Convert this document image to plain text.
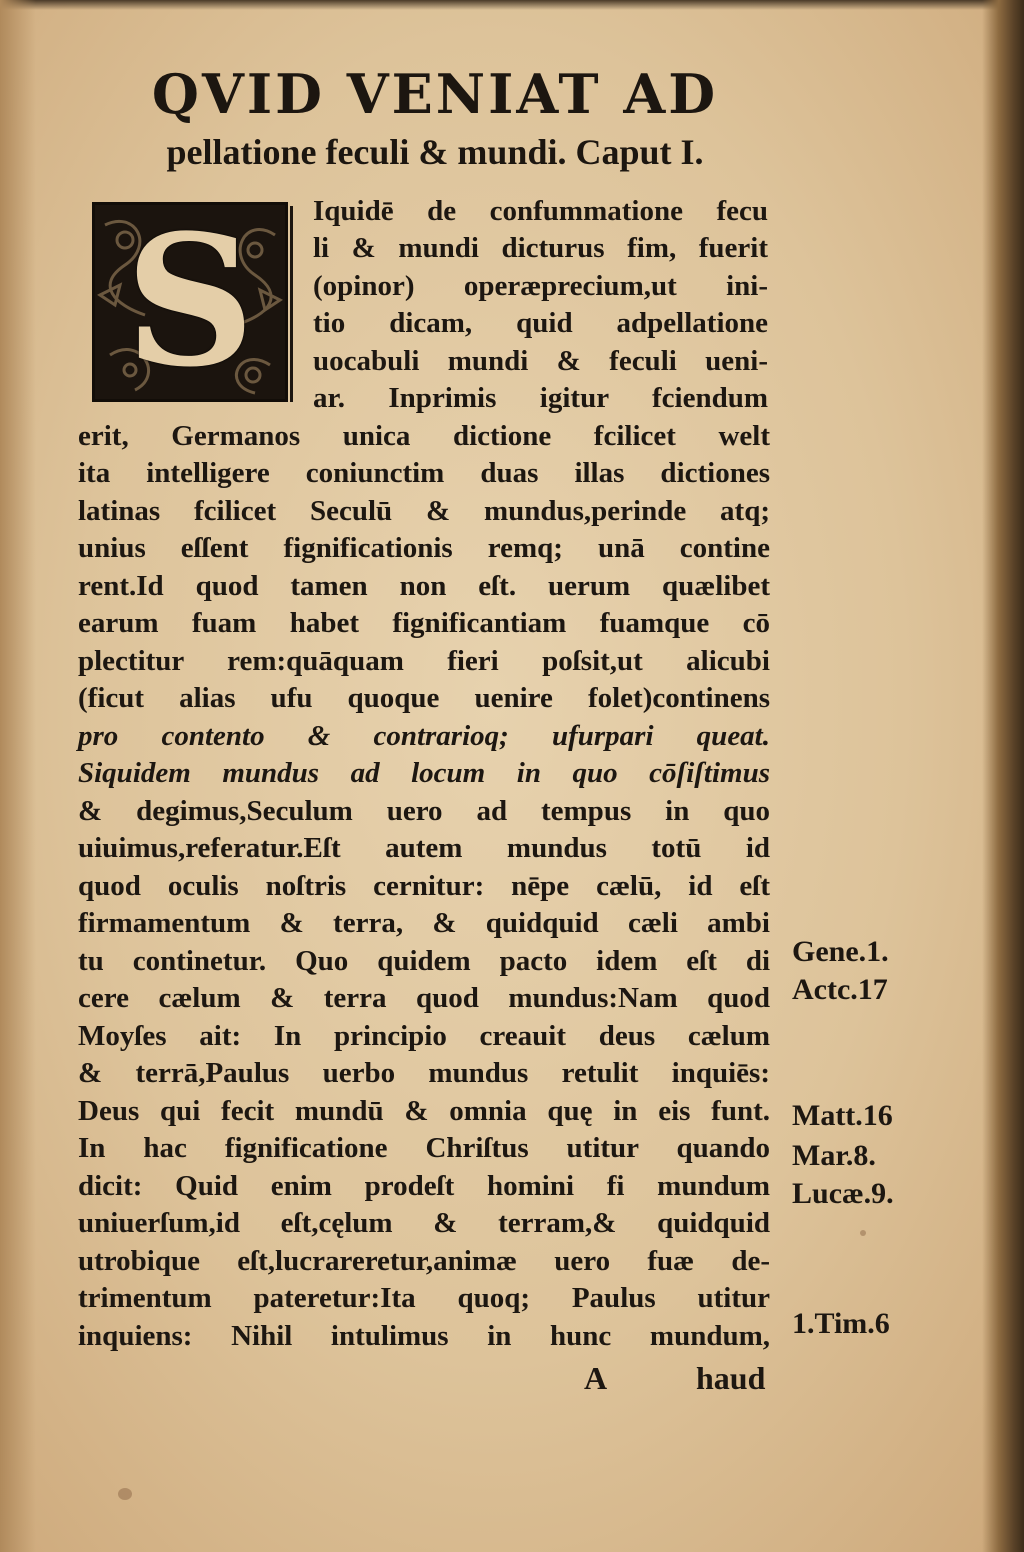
QVID VENIAT AD
pellatione feculi & mundi. Caput I.
S	Iquidē de confummatione fecu
li & mundi dicturus fim, fuerit
(opinor) operæprecium,ut ini-
tio dicam, quid adpellatione
uocabuli mundi & feculi ueni-
ar. Inprimis igitur fciendum
erit, Germanos unica dictione fcilicet welt
ita intelligere coniunctim duas illas dictiones
latinas fcilicet Seculū & mundus,perinde atq;
unius eſſent fignificationis remq; unā contine
rent.Id quod tamen non eſt. uerum quælibet
earum fuam habet fignificantiam fuamque cō
plectitur rem:quāquam fieri poſsit,ut alicubi
(ficut alias ufu quoque uenire folet)continens
pro contento & contrarioq; ufurpari queat.
Siquidem mundus ad locum in quo cōſiſtimus
& degimus,Seculum uero ad tempus in quo
uiuimus,referatur.Eſt autem mundus totū id
quod oculis noſtris cernitur: nēpe cælū, id eſt
firmamentum & terra, & quidquid cæli ambi
tu continetur. Quo quidem pacto idem eſt di
cere cælum & terra quod mundus:Nam quod
Moyſes ait: In principio creauit deus cælum
& terrā,Paulus uerbo mundus retulit inquiēs:
Deus qui fecit mundū & omnia quę in eis funt.
In hac fignificatione Chriſtus utitur quando
dicit: Quid enim prodeſt homini fi mundum
uniuerſum,id eſt,cęlum & terram,& quidquid
utrobique eſt,lucrareretur,animæ uero fuæ de-
trimentum pateretur:Ita quoq; Paulus utitur
inquiens: Nihil intulimus in hunc mundum,
Gene.1.
Actc.17
Matt.16
Mar.8.
Lucæ.9.
1.Tim.6
A	haud
